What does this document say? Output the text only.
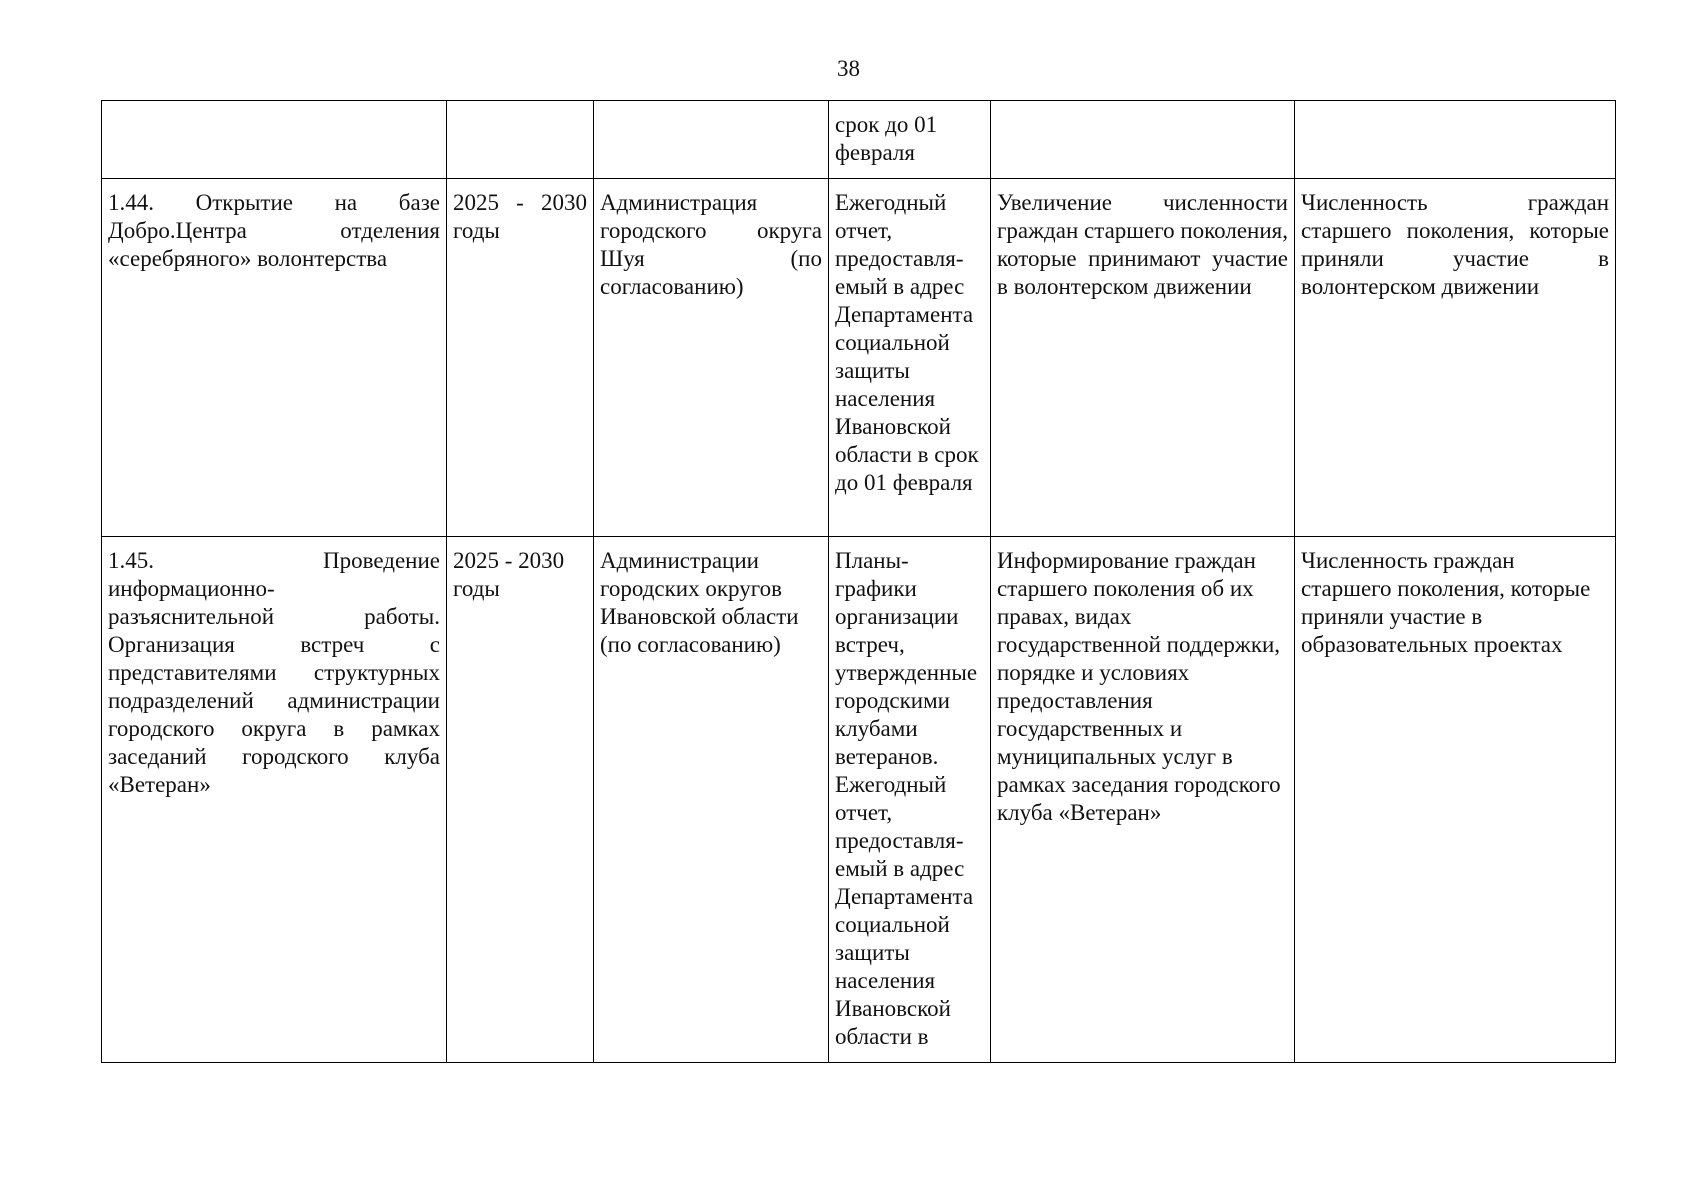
38
			срок до 01 февраля		
1.44. Открытие на базе Добро.Центра отделения «серебряного» волонтерства	2025 - 2030 годы	Администрация городского округа Шуя (по согласованию)	Ежегодный отчет, предоставля-емый в адрес Департамента социальной защиты населения Ивановской области в срок до 01 февраля	Увеличение численности граждан старшего поколения, которые принимают участие в волонтерском движении	Численность граждан старшего поколения, которые приняли участие в волонтерском движении
1.45. Проведение информационно-разъяснительной работы. Организация встреч с представителями структурных подразделений администрации городского округа в рамках заседаний городского клуба «Ветеран»	2025 - 2030 годы	Администрации городских округов Ивановской области (по согласованию)	Планы-графики организации встреч, утвержденные городскими клубами ветеранов. Ежегодный отчет, предоставля-емый в адрес Департамента социальной защиты населения Ивановской области в	Информирование граждан старшего поколения об их правах, видах государственной поддержки, порядке и условиях предоставления государственных и муниципальных услуг в рамках заседания городского клуба «Ветеран»	Численность граждан старшего поколения, которые приняли участие в образовательных проектах
